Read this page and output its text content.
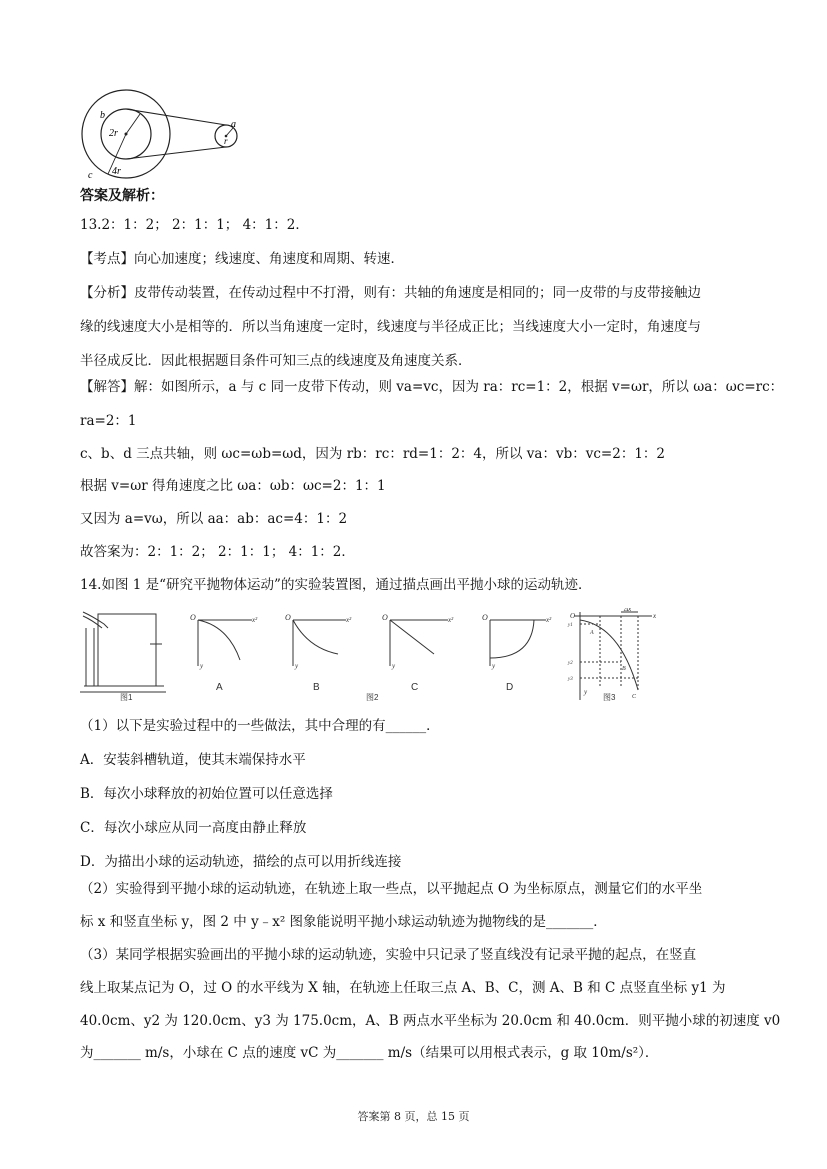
b
2r
4r
c
a
r
答案及解析：
13.2：1：2； 2：1：1； 4：1：2．
【考点】向心加速度；线速度、角速度和周期、转速．
【分析】皮带传动装置，在传动过程中不打滑，则有：共轴的角速度是相同的；同一皮带的与皮带接触边
缘的线速度大小是相等的．所以当角速度一定时，线速度与半径成正比；当线速度大小一定时，角速度与
半径成反比．因此根据题目条件可知三点的线速度及角速度关系．
【解答】解：如图所示，a 与 c 同一皮带下传动，则 va=vc，因为 ra：rc=1：2，根据 v=ωr，所以 ωa：ωc=rc：
ra=2：1
c、b、d 三点共轴，则 ωc=ωb=ωd，因为 rb：rc：rd=1：2：4，所以 va：vb：vc=2：1：2
根据 v=ωr 得角速度之比 ωa：ωb：ωc=2：1：1
又因为 a=vω，所以 aa：ab：ac=4：1：2
故答案为：2：1：2； 2：1：1； 4：1：2．
14.如图 1 是“研究平抛物体运动”的实验装置图，通过描点画出平抛小球的运动轨迹．
图1
O	x²
y
A
O	x²
y
B
图2
O	x²
y
C
O	x²
y
D
O
Δx
x
y
A
B
C
y1
y2
y3
图3
（1）以下是实验过程中的一些做法，其中合理的有______．
A．安装斜槽轨道，使其末端保持水平
B．每次小球释放的初始位置可以任意选择
C．每次小球应从同一高度由静止释放
D．为描出小球的运动轨迹，描绘的点可以用折线连接
（2）实验得到平抛小球的运动轨迹，在轨迹上取一些点，以平抛起点 O 为坐标原点，测量它们的水平坐
标 x 和竖直坐标 y，图 2 中 y﹣x² 图象能说明平抛小球运动轨迹为抛物线的是_______．
（3）某同学根据实验画出的平抛小球的运动轨迹，实验中只记录了竖直线没有记录平抛的起点，在竖直
线上取某点记为 O，过 O 的水平线为 X 轴，在轨迹上任取三点 A、B、C，测 A、B 和 C 点竖直坐标 y1 为
40.0cm、y2 为 120.0cm、y3 为 175.0cm，A、B 两点水平坐标为 20.0cm 和 40.0cm．则平抛小球的初速度 v0
为_______ m/s，小球在 C 点的速度 vC 为_______ m/s（结果可以用根式表示，g 取 10m/s²）．
答案第 8 页，总 15 页
